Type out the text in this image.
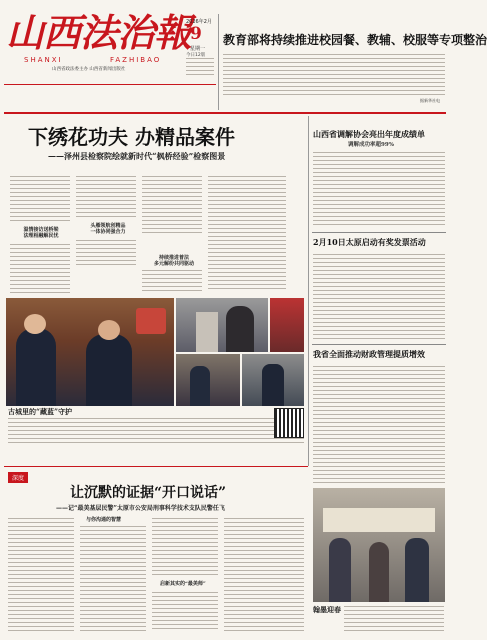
山西法治報
SHANXI	FAZHIBAO
山西省政法委主办 山西省新闻出版社
2026年2月
9
星期一
今日12版
教育部将持续推进校园餐、教辅、校服等专项整治
据新华社电
下绣花功夫 办精品案件
——泽州县检察院绘就新时代“枫桥经验”检察图景
温情接访送桥梁
法理相融解民忧
头雁领航创精品
一体协同强合力
持续推进普法
多元解纷共同驱动
古城里的“藏蓝”守护
山西省调解协会亮出年度成绩单
调解成功率超99%
2月10日太原启动有奖发票活动
我省全面推动财政管理提质增效
翰墨迎春
深度
让沉默的证据“开口说话”
——记“最美基层民警”太原市公安局刑事科学技术支队民警任飞
与你沟通的智慧
启新其实的“最美师”
